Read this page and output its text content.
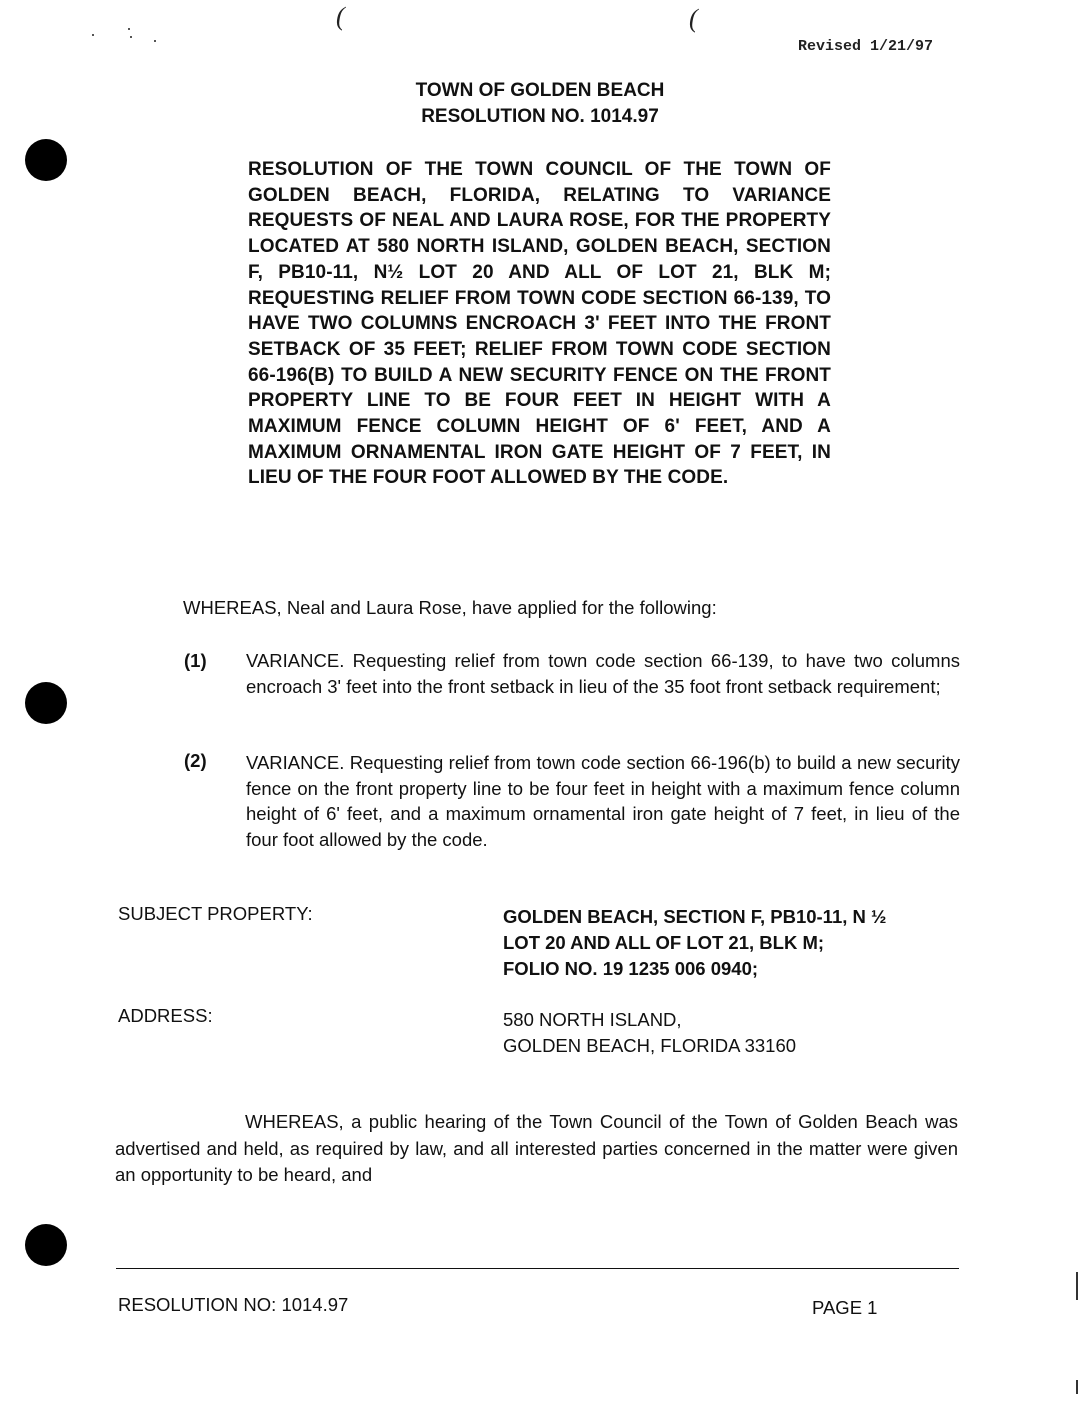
(	(
Revised 1/21/97
TOWN OF GOLDEN BEACH
RESOLUTION NO. 1014.97
RESOLUTION OF THE TOWN COUNCIL OF THE TOWN OF GOLDEN BEACH, FLORIDA, RELATING TO VARIANCE REQUESTS OF NEAL AND LAURA ROSE, FOR THE PROPERTY LOCATED AT 580 NORTH ISLAND, GOLDEN BEACH, SECTION F, PB10-11, N½ LOT 20 AND ALL OF LOT 21, BLK M; REQUESTING RELIEF FROM TOWN CODE SECTION 66-139, TO HAVE TWO COLUMNS ENCROACH 3' FEET INTO THE FRONT SETBACK OF 35 FEET; RELIEF FROM TOWN CODE SECTION 66-196(B) TO BUILD A NEW SECURITY FENCE ON THE FRONT PROPERTY LINE TO BE FOUR FEET IN HEIGHT WITH A MAXIMUM FENCE COLUMN HEIGHT OF 6' FEET, AND A MAXIMUM ORNAMENTAL IRON GATE HEIGHT OF 7 FEET, IN LIEU OF THE FOUR FOOT ALLOWED BY THE CODE.
WHEREAS, Neal and Laura Rose, have applied for the following:
(1) VARIANCE. Requesting relief from town code section 66-139, to have two columns encroach 3' feet into the front setback in lieu of the 35 foot front setback requirement;
(2) VARIANCE. Requesting relief from town code section 66-196(b) to build a new security fence on the front property line to be four feet in height with a maximum fence column height of 6' feet, and a maximum ornamental iron gate height of 7 feet, in lieu of the four foot allowed by the code.
SUBJECT PROPERTY:	GOLDEN BEACH, SECTION F, PB10-11, N ½
LOT 20 AND ALL OF LOT 21, BLK M;
FOLIO NO. 19 1235 006 0940;
ADDRESS:	580 NORTH ISLAND,
GOLDEN BEACH, FLORIDA 33160
WHEREAS, a public hearing of the Town Council of the Town of Golden Beach was advertised and held, as required by law, and all interested parties concerned in the matter were given an opportunity to be heard, and
RESOLUTION NO: 1014.97	PAGE 1
